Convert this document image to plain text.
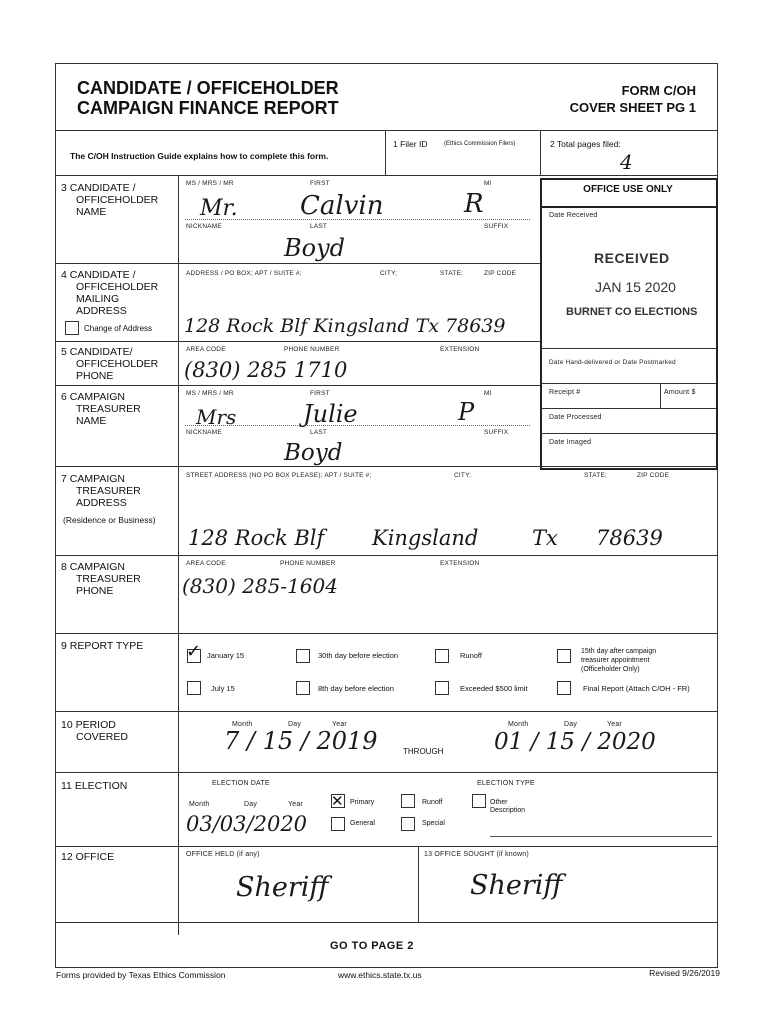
CANDIDATE / OFFICEHOLDER
CAMPAIGN FINANCE REPORT
FORM C/OH
COVER SHEET PG 1
The C/OH Instruction Guide explains how to complete this form.
1 Filer ID	(Ethics Commission Filers)	2 Total pages filed:
4
OFFICE USE ONLY
Date Received
RECEIVED
JAN 15 2020
BURNET CO ELECTIONS
Date Hand-delivered or Date Postmarked
Receipt #	Amount $
Date Processed
Date Imaged
3 CANDIDATE /
OFFICEHOLDER
NAME
MS / MRS / MR	FIRST	MI
Mr. Calvin	R
NICKNAME	LAST	SUFFIX
Boyd
4 CANDIDATE /
OFFICEHOLDER
MAILING
ADDRESS
Change of Address
ADDRESS / PO BOX; APT / SUITE #;	CITY;	STATE;	ZIP CODE
128 Rock Blf Kingsland Tx 78639
5 CANDIDATE/
OFFICEHOLDER
PHONE
AREA CODE	PHONE NUMBER	EXTENSION
(830) 285 1710
6 CAMPAIGN
TREASURER
NAME
MS / MRS / MR	FIRST	MI
Mrs	Julie	P
NICKNAME	LAST	SUFFIX
Boyd
7 CAMPAIGN
TREASURER
ADDRESS
(Residence or Business)
STREET ADDRESS (NO PO BOX PLEASE); APT / SUITE #;	CITY;	STATE;	ZIP CODE
128 Rock Blf Kingsland	Tx 78639
8 CAMPAIGN
TREASURER
PHONE
AREA CODE	PHONE NUMBER	EXTENSION
(830) 285-1604
9 REPORT TYPE ✓ January 15	30th day before election	Runoff	15th day after campaign
treasurer appointment
(Officeholder Only)
July 15	8th day before election	Exceeded $500 limit	Final Report (Attach C/OH - FR)
10 PERIOD
COVERED
Month	Day	Year
7 / 15 / 2019	THROUGH
Month	Day	Year
01 / 15 / 2020
11 ELECTION	ELECTION DATE	ELECTION TYPE
Month	Day	Year
03/03/2020
✕ Primary	Runoff	Other
Description
General	Special
12 OFFICE	OFFICE HELD (if any)	13 OFFICE SOUGHT (if known)
Sheriff	Sheriff
GO TO PAGE 2
Forms provided by Texas Ethics Commission	www.ethics.state.tx.us	Revised 9/26/2019
